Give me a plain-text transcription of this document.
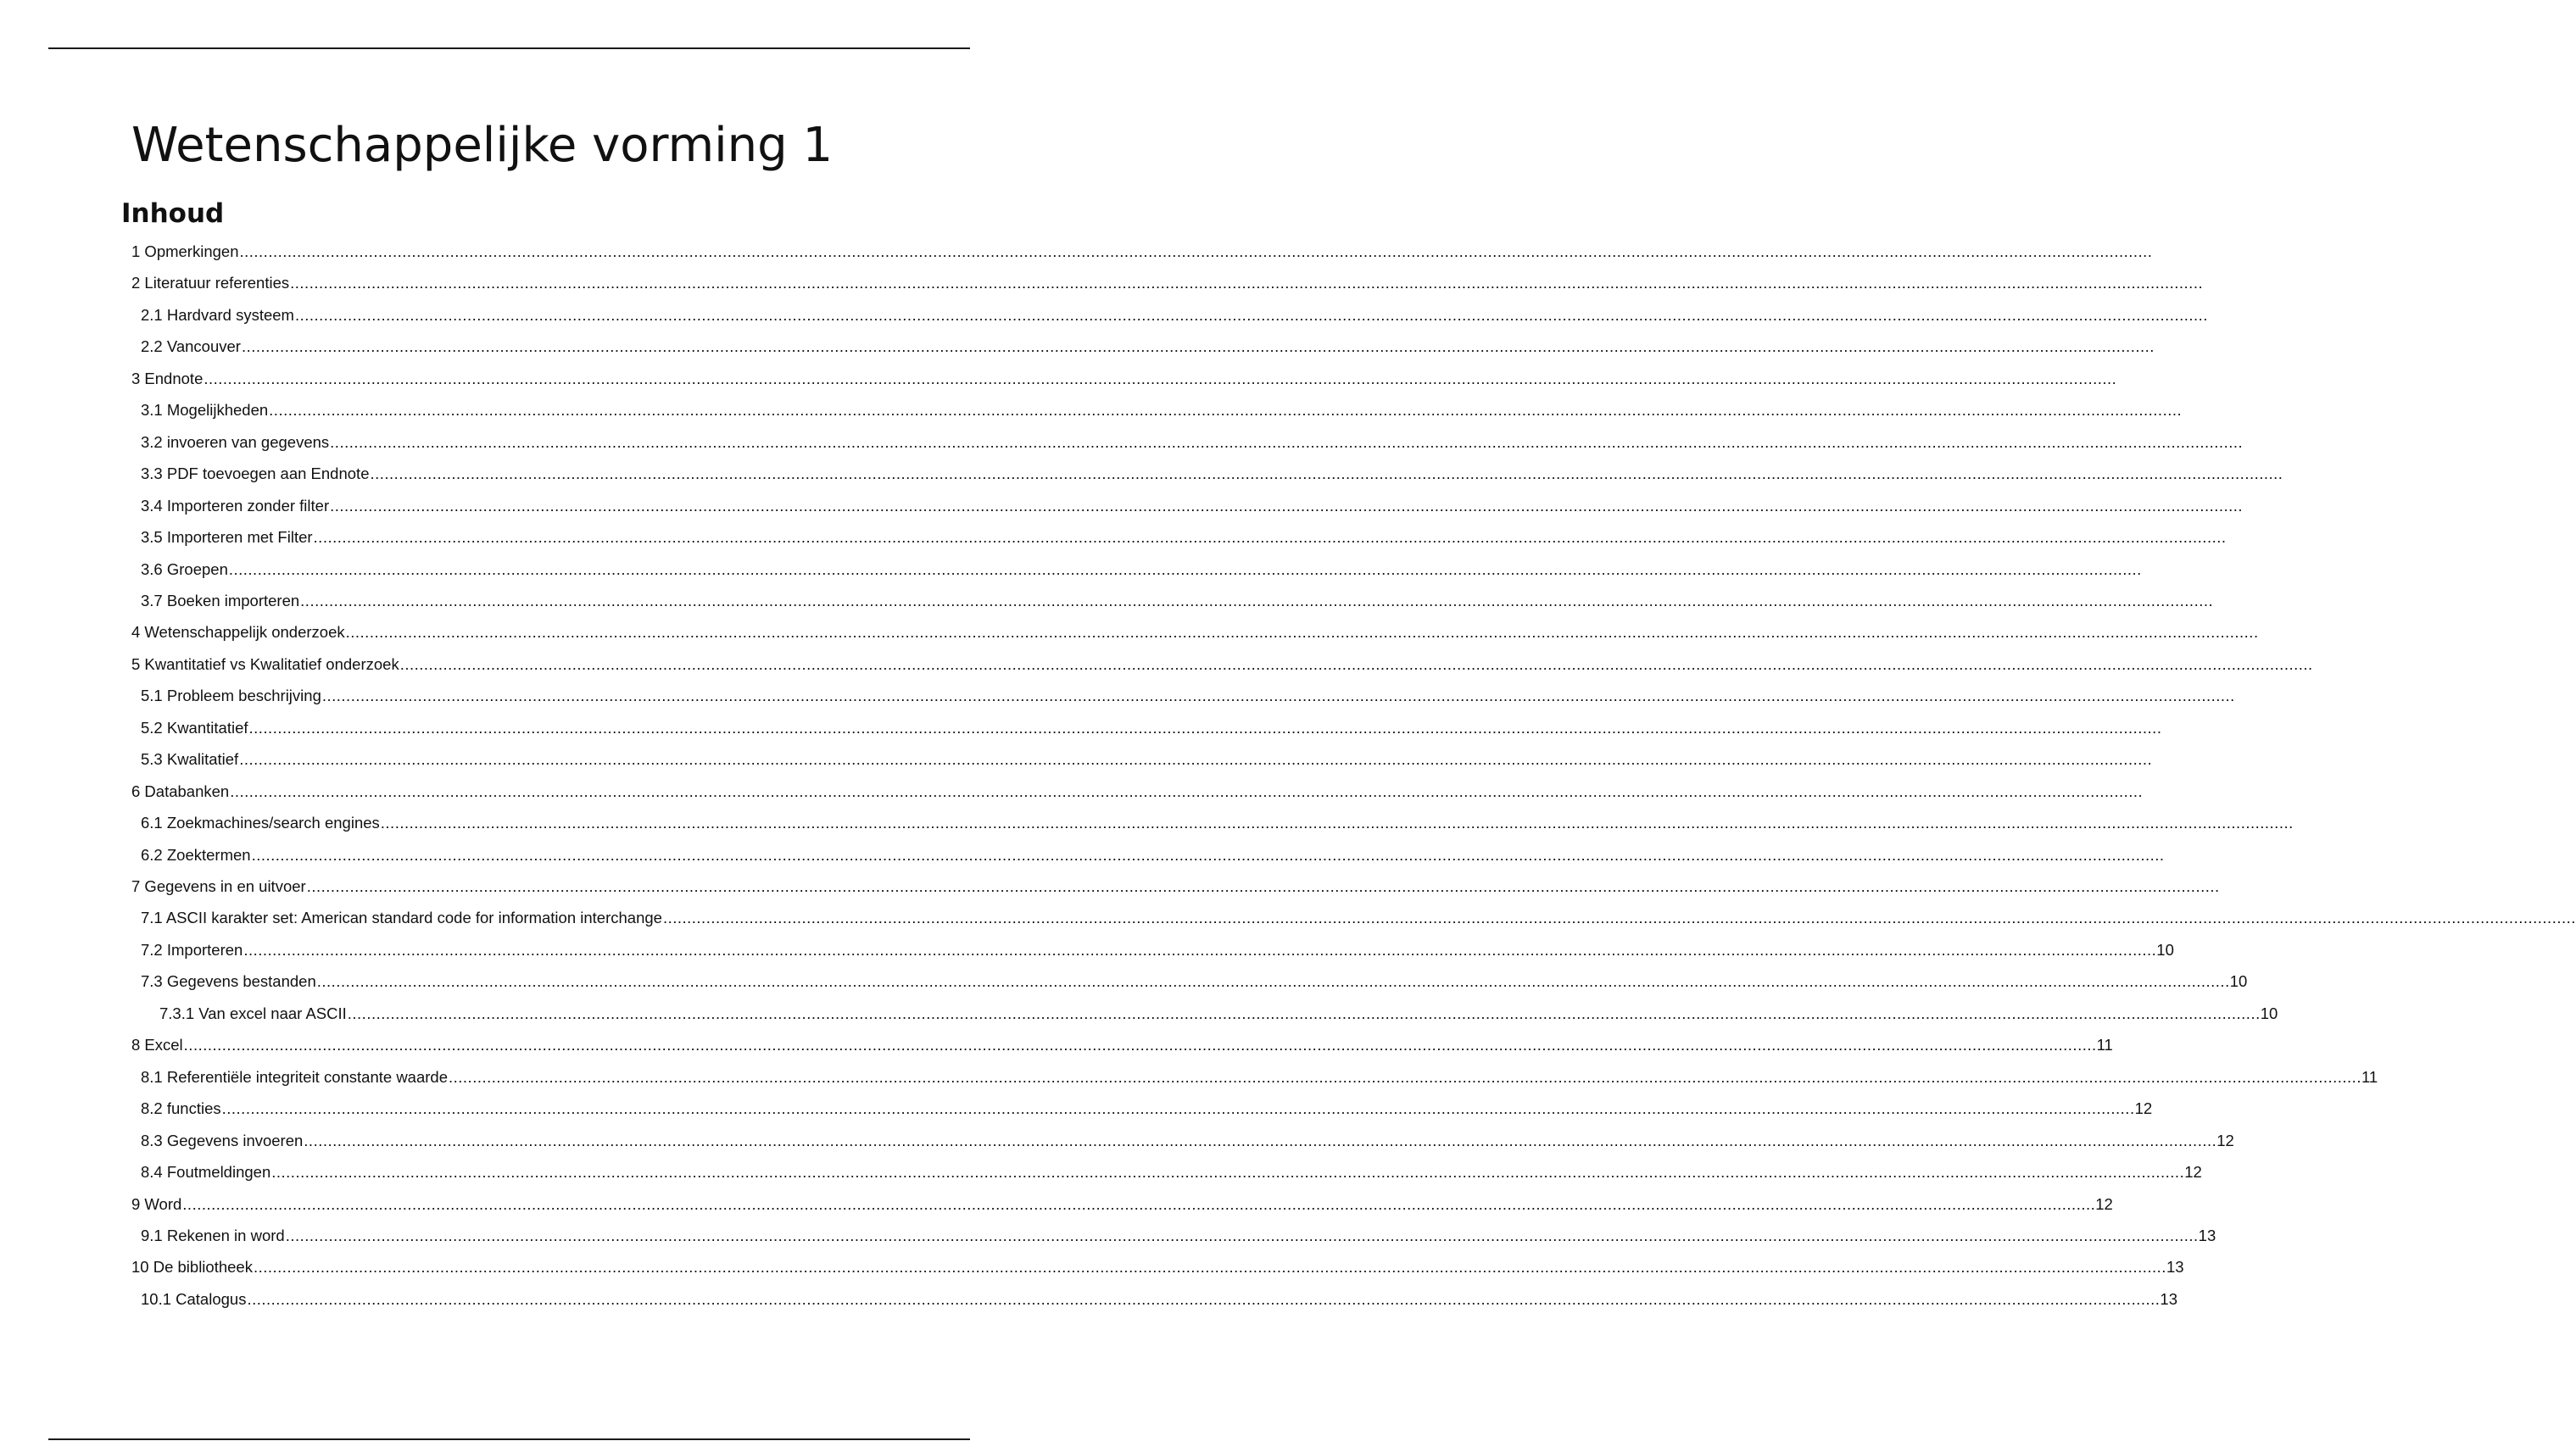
Wetenschappelijke vorming 1
Inhoud
1 Opmerkingen ................................................................................................................................................................................................................................................................................................................................................................................................................
2 Literatuur referenties ................................................................................................................................................................................................................................................................................................................................................................................................................
2.1 Hardvard systeem ................................................................................................................................................................................................................................................................................................................................................................................................................
2.2 Vancouver ................................................................................................................................................................................................................................................................................................................................................................................................................
3 Endnote ................................................................................................................................................................................................................................................................................................................................................................................................................
3.1 Mogelijkheden ................................................................................................................................................................................................................................................................................................................................................................................................................
3.2 invoeren van gegevens ................................................................................................................................................................................................................................................................................................................................................................................................................
3.3 PDF toevoegen aan Endnote ................................................................................................................................................................................................................................................................................................................................................................................................................
3.4 Importeren zonder filter ................................................................................................................................................................................................................................................................................................................................................................................................................
3.5 Importeren met Filter ................................................................................................................................................................................................................................................................................................................................................................................................................
3.6 Groepen ................................................................................................................................................................................................................................................................................................................................................................................................................
3.7 Boeken importeren ................................................................................................................................................................................................................................................................................................................................................................................................................
4 Wetenschappelijk onderzoek ................................................................................................................................................................................................................................................................................................................................................................................................................
5 Kwantitatief vs Kwalitatief onderzoek ................................................................................................................................................................................................................................................................................................................................................................................................................
5.1 Probleem beschrijving ................................................................................................................................................................................................................................................................................................................................................................................................................
5.2 Kwantitatief ................................................................................................................................................................................................................................................................................................................................................................................................................
5.3 Kwalitatief ................................................................................................................................................................................................................................................................................................................................................................................................................
6 Databanken ................................................................................................................................................................................................................................................................................................................................................................................................................
6.1 Zoekmachines/search engines ................................................................................................................................................................................................................................................................................................................................................................................................................
6.2 Zoektermen ................................................................................................................................................................................................................................................................................................................................................................................................................
7 Gegevens in en uitvoer ................................................................................................................................................................................................................................................................................................................................................................................................................
7.1 ASCII karakter set: American standard code for information interchange ................................................................................................................................................................................................................................................................................................................................................................................................................
7.2 Importeren ................................................................................................................................................................................................................................................................................................................................................................................................................ 10
7.3 Gegevens bestanden ................................................................................................................................................................................................................................................................................................................................................................................................................ 10
7.3.1 Van excel naar ASCII ................................................................................................................................................................................................................................................................................................................................................................................................................ 10
8 Excel ................................................................................................................................................................................................................................................................................................................................................................................................................ 11
8.1 Referentiële integriteit constante waarde ................................................................................................................................................................................................................................................................................................................................................................................................................ 11
8.2 functies ................................................................................................................................................................................................................................................................................................................................................................................................................ 12
8.3 Gegevens invoeren ................................................................................................................................................................................................................................................................................................................................................................................................................ 12
8.4 Foutmeldingen ................................................................................................................................................................................................................................................................................................................................................................................................................ 12
9 Word ................................................................................................................................................................................................................................................................................................................................................................................................................ 12
9.1 Rekenen in word ................................................................................................................................................................................................................................................................................................................................................................................................................ 13
10 De bibliotheek ................................................................................................................................................................................................................................................................................................................................................................................................................ 13
10.1 Catalogus ................................................................................................................................................................................................................................................................................................................................................................................................................ 13
